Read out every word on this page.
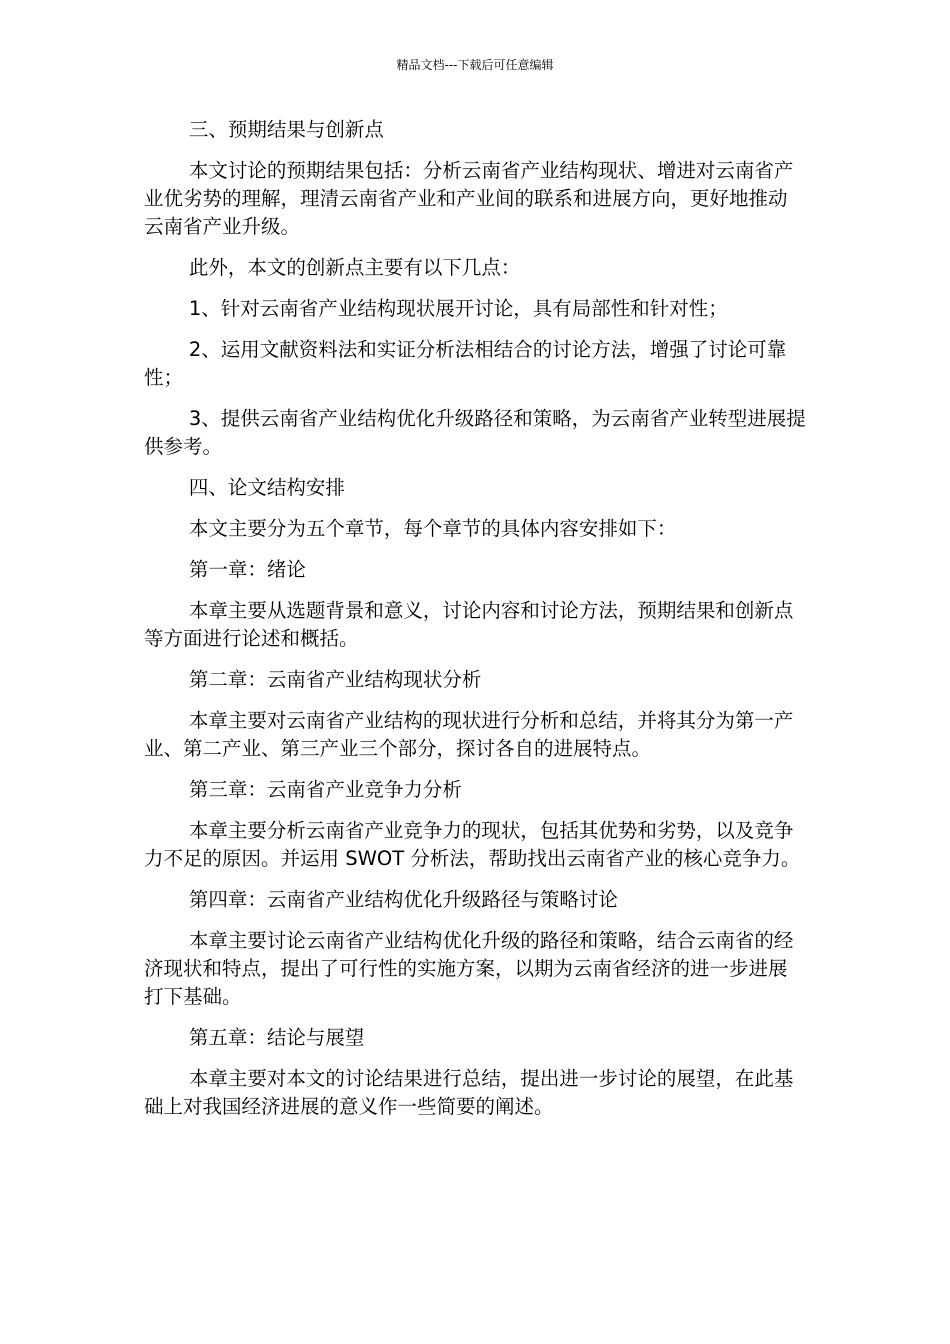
精品文档---下载后可任意编辑

三、预期结果与创新点

本文讨论的预期结果包括：分析云南省产业结构现状、增进对云南省产业优劣势的理解，理清云南省产业和产业间的联系和进展方向，更好地推动云南省产业升级。

此外，本文的创新点主要有以下几点：

1、针对云南省产业结构现状展开讨论，具有局部性和针对性；

2、运用文献资料法和实证分析法相结合的讨论方法，增强了讨论可靠性；

3、提供云南省产业结构优化升级路径和策略，为云南省产业转型进展提供参考。

四、论文结构安排

本文主要分为五个章节，每个章节的具体内容安排如下：

第一章：绪论

本章主要从选题背景和意义，讨论内容和讨论方法，预期结果和创新点等方面进行论述和概括。

第二章：云南省产业结构现状分析

本章主要对云南省产业结构的现状进行分析和总结，并将其分为第一产业、第二产业、第三产业三个部分，探讨各自的进展特点。

第三章：云南省产业竞争力分析

本章主要分析云南省产业竞争力的现状，包括其优势和劣势，以及竞争力不足的原因。并运用 SWOT 分析法，帮助找出云南省产业的核心竞争力。

第四章：云南省产业结构优化升级路径与策略讨论

本章主要讨论云南省产业结构优化升级的路径和策略，结合云南省的经济现状和特点，提出了可行性的实施方案，以期为云南省经济的进一步进展打下基础。

第五章：结论与展望

本章主要对本文的讨论结果进行总结，提出进一步讨论的展望，在此基础上对我国经济进展的意义作一些简要的阐述。
